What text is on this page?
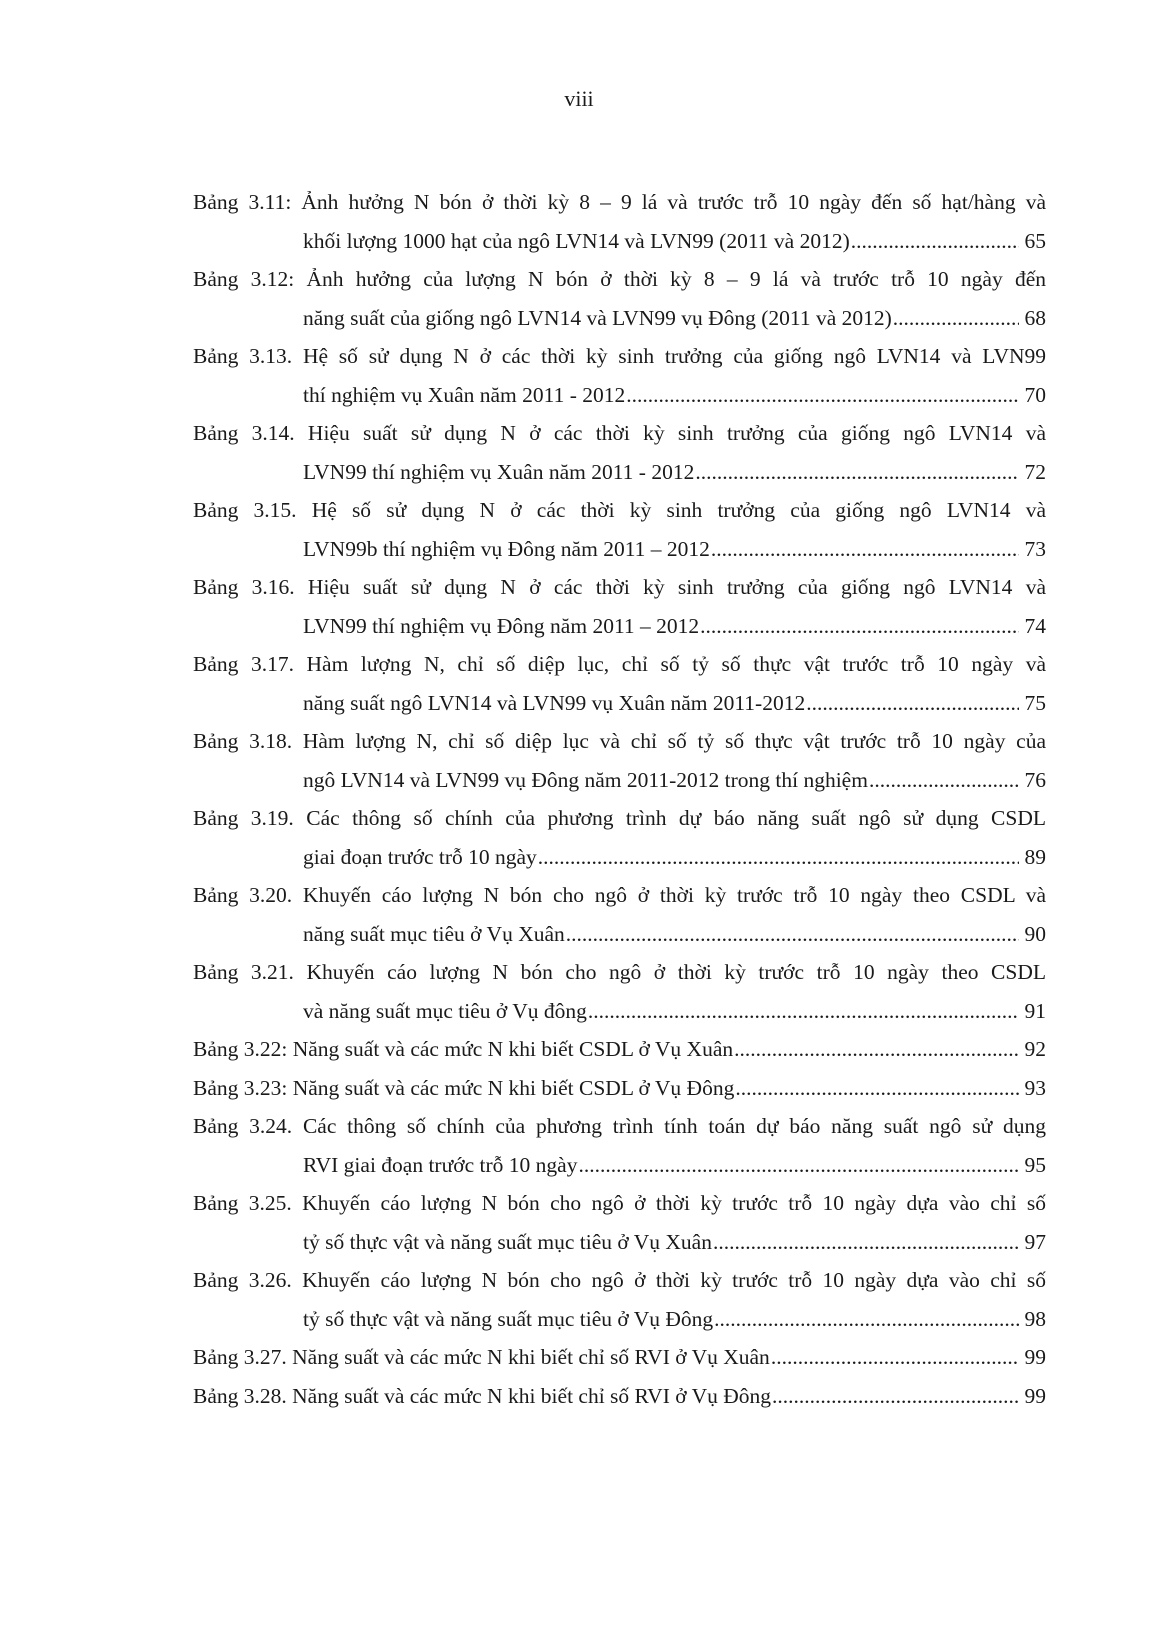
viii
Bảng 3.11: Ảnh hưởng N bón ở thời kỳ 8 – 9 lá và trước trỗ 10 ngày đến số hạt/hàng và
khối lượng 1000 hạt của ngô LVN14 và LVN99 (2011 và 2012) .....	65
Bảng 3.12: Ảnh hưởng của lượng N bón ở thời kỳ 8 – 9 lá và trước trỗ 10 ngày đến
năng suất của giống ngô LVN14 và LVN99 vụ Đông (2011 và 2012) .....	68
Bảng 3.13. Hệ số sử dụng N ở các thời kỳ sinh trưởng của giống ngô LVN14 và LVN99
thí nghiệm vụ Xuân năm 2011 - 2012 .....	70
Bảng 3.14. Hiệu suất sử dụng N ở các thời kỳ sinh trưởng của giống ngô LVN14 và
LVN99 thí nghiệm vụ Xuân năm 2011 - 2012 .....	72
Bảng 3.15. Hệ số sử dụng N ở các thời kỳ sinh trưởng của giống ngô LVN14 và
LVN99b thí nghiệm vụ Đông năm 2011 – 2012 .....	73
Bảng 3.16. Hiệu suất sử dụng N ở các thời kỳ sinh trưởng của giống ngô LVN14 và
LVN99 thí nghiệm vụ Đông năm 2011 – 2012 .....	74
Bảng 3.17. Hàm lượng N, chỉ số diệp lục, chỉ số tỷ số thực vật trước trỗ 10 ngày và
năng suất ngô LVN14 và LVN99 vụ Xuân năm 2011-2012 .....	75
Bảng 3.18. Hàm lượng N, chỉ số diệp lục và chỉ số tỷ số thực vật trước trỗ 10 ngày của
ngô LVN14 và LVN99 vụ Đông năm 2011-2012 trong thí nghiệm .....	76
Bảng 3.19. Các thông số chính của phương trình dự báo năng suất ngô sử dụng CSDL
giai đoạn trước trỗ 10 ngày .....	89
Bảng 3.20. Khuyến cáo lượng N bón cho ngô ở thời kỳ trước trỗ 10 ngày theo CSDL và
năng suất mục tiêu ở Vụ Xuân .....	90
Bảng 3.21. Khuyến cáo lượng N bón cho ngô ở thời kỳ trước trỗ 10 ngày theo CSDL
và năng suất mục tiêu ở Vụ đông .....	91
Bảng 3.22: Năng suất và các mức N khi biết CSDL ở Vụ Xuân .....	92
Bảng 3.23: Năng suất và các mức N khi biết CSDL ở Vụ Đông .....	93
Bảng 3.24. Các thông số chính của phương trình tính toán dự báo năng suất ngô sử dụng
RVI giai đoạn trước trỗ 10 ngày .....	95
Bảng 3.25. Khuyến cáo lượng N bón cho ngô ở thời kỳ trước trỗ 10 ngày dựa vào chỉ số
tỷ số thực vật và năng suất mục tiêu ở Vụ Xuân .....	97
Bảng 3.26. Khuyến cáo lượng N bón cho ngô ở thời kỳ trước trỗ 10 ngày dựa vào chỉ số
tỷ số thực vật và năng suất mục tiêu ở Vụ Đông .....	98
Bảng 3.27. Năng suất và các mức N khi biết chỉ số RVI ở Vụ Xuân .....	99
Bảng 3.28. Năng suất và các mức N khi biết chỉ số RVI ở Vụ Đông .....	99
